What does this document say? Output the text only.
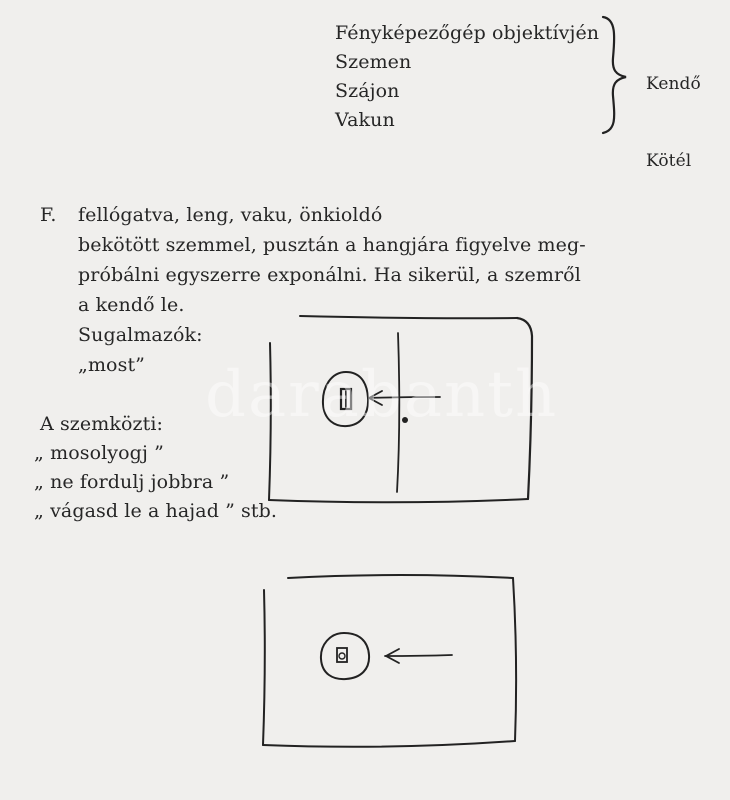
Fényképezőgép objektívjén
Szemen
Szájon
Vakun
Kendő
Kötél
F. fellógatva, leng, vaku, önkioldó
bekötött szemmel, pusztán a hangjára figyelve meg-
próbálni egyszerre exponálni. Ha sikerül, a szemről
a kendő le.
Sugalmazók:
„most”
A szemközti:
„ mosolyogj ”
„ ne fordulj jobbra ”
„ vágasd le a hajad ” stb.
darabanth
